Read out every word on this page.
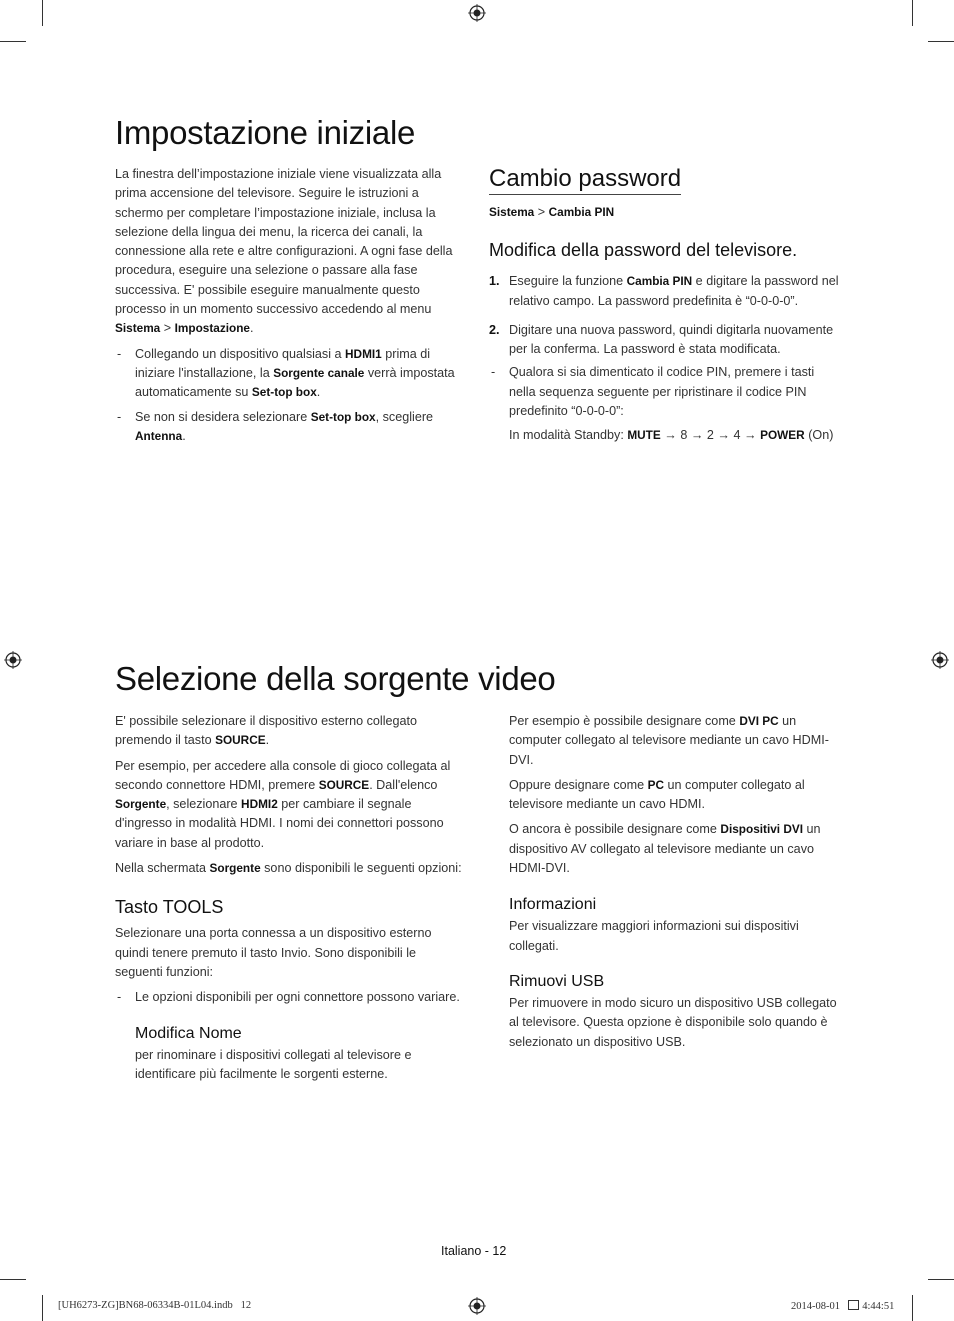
Impostazione iniziale

La finestra dell’impostazione iniziale viene visualizzata alla prima accensione del televisore. Seguire le istruzioni a schermo per completare l’impostazione iniziale, inclusa la selezione della lingua dei menu, la ricerca dei canali, la connessione alla rete e altre configurazioni. A ogni fase della procedura, eseguire una selezione o passare alla fase successiva. E' possibile eseguire manualmente questo processo in un momento successivo accedendo al menu Sistema > Impostazione.

- Collegando un dispositivo qualsiasi a HDMI1 prima di iniziare l'installazione, la Sorgente canale verrà impostata automaticamente su Set-top box.
- Se non si desidera selezionare Set-top box, scegliere Antenna.
Cambio password
Sistema > Cambia PIN
Modifica della password del televisore.
1. Eseguire la funzione Cambia PIN e digitare la password nel relativo campo. La password predefinita è “0-0-0-0”.
2. Digitare una nuova password, quindi digitarla nuovamente per la conferma. La password è stata modificata.
- Qualora si sia dimenticato il codice PIN, premere i tasti nella sequenza seguente per ripristinare il codice PIN predefinito “0-0-0-0”:
In modalità Standby: MUTE → 8 → 2 → 4 → POWER (On)
Selezione della sorgente video

E' possibile selezionare il dispositivo esterno collegato premendo il tasto SOURCE.

Per esempio, per accedere alla console di gioco collegata al secondo connettore HDMI, premere SOURCE. Dall'elenco Sorgente, selezionare HDMI2 per cambiare il segnale d'ingresso in modalità HDMI. I nomi dei connettori possono variare in base al prodotto.

Nella schermata Sorgente sono disponibili le seguenti opzioni:

Tasto TOOLS

Selezionare una porta connessa a un dispositivo esterno quindi tenere premuto il tasto Invio. Sono disponibili le seguenti funzioni:

- Le opzioni disponibili per ogni connettore possono variare.
Modifica Nome

per rinominare i dispositivi collegati al televisore e identificare più facilmente le sorgenti esterne.

Per esempio è possibile designare come DVI PC un computer collegato al televisore mediante un cavo HDMI-DVI.

Oppure designare come PC un computer collegato al televisore mediante un cavo HDMI.

O ancora è possibile designare come Dispositivi DVI un dispositivo AV collegato al televisore mediante un cavo HDMI-DVI.

Informazioni

Per visualizzare maggiori informazioni sui dispositivi collegati.

Rimuovi USB

Per rimuovere in modo sicuro un dispositivo USB collegato al televisore. Questa opzione è disponibile solo quando è selezionato un dispositivo USB.

Italiano - 12
[UH6273-ZG]BN68-06334B-01L04.indb   12	2014-08-01 4:44:51
